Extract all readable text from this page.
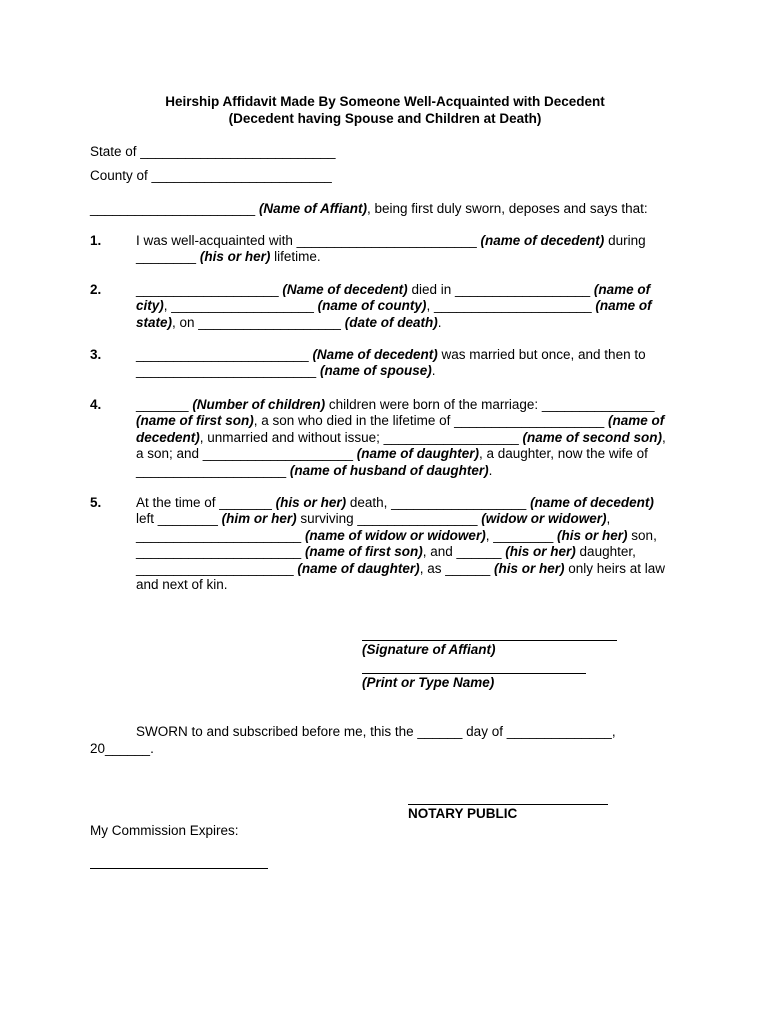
Heirship Affidavit Made By Someone Well-Acquainted with Decedent
(Decedent having Spouse and Children at Death)
State of __________________________
County of ________________________
______________________ (Name of Affiant), being first duly sworn, deposes and says that:
1.	I was well-acquainted with ________________________ (name of decedent) during
________ (his or her) lifetime.
2.	___________________ (Name of decedent) died in __________________ (name of
city), ___________________ (name of county), _____________________ (name of
state), on ___________________ (date of death).
3.	_______________________ (Name of decedent) was married but once, and then to
________________________ (name of spouse).
4.	_______ (Number of children) children were born of the marriage: _______________
(name of first son), a son who died in the lifetime of ____________________ (name of
decedent), unmarried and without issue; __________________ (name of second son),
a son; and ____________________ (name of daughter), a daughter, now the wife of
____________________ (name of husband of daughter).
5.	At the time of _______ (his or her) death, __________________ (name of decedent)
left ________ (him or her) surviving ________________ (widow or widower),
______________________ (name of widow or widower), ________ (his or her) son,
______________________ (name of first son), and ______ (his or her) daughter,
_____________________ (name of daughter), as ______ (his or her) only heirs at law
and next of kin.
(Signature of Affiant)
(Print or Type Name)
SWORN to and subscribed before me, this the ______ day of ______________,
20______.
NOTARY PUBLIC
My Commission Expires:
